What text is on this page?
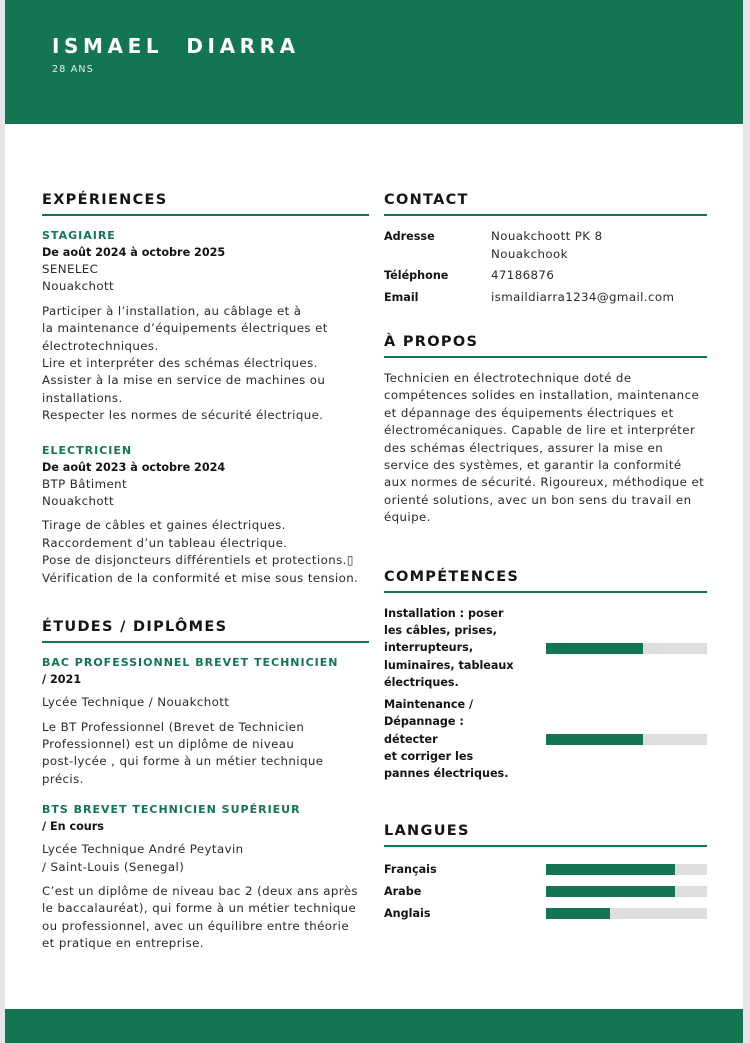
ISMAEL  DIARRA
28 ANS
EXPÉRIENCES
STAGIAIRE
De août 2024 à octobre 2025
SENELEC
Nouakchott
Participer à l’installation, au câblage et à
la maintenance d’équipements électriques et
électrotechniques.
Lire et interpréter des schémas électriques.
Assister à la mise en service de machines ou
installations.
Respecter les normes de sécurité électrique.
ELECTRICIEN
De août 2023 à octobre 2024
BTP Bâtiment
Nouakchott
Tirage de câbles et gaines électriques.
Raccordement d’un tableau électrique.
Pose de disjoncteurs différentiels et protections.▯
Vérification de la conformité et mise sous tension.
ÉTUDES / DIPLÔMES
BAC PROFESSIONNEL BREVET TECHNICIEN
/ 2021
Lycée Technique / Nouakchott
Le BT Professionnel (Brevet de Technicien
Professionnel) est un diplôme de niveau
post-lycée , qui forme à un métier technique
précis.
BTS BREVET TECHNICIEN SUPÉRIEUR
/ En cours
Lycée Technique André Peytavin
/ Saint-Louis (Senegal)
C’est un diplôme de niveau bac 2 (deux ans après
le baccalauréat), qui forme à un métier technique
ou professionnel, avec un équilibre entre théorie
et pratique en entreprise.
CONTACT
Adresse	Nouakchoott PK 8
Nouakchook
Téléphone	47186876
Email	ismaildiarra1234@gmail.com
À PROPOS
Technicien en électrotechnique doté de
compétences solides en installation, maintenance
et dépannage des équipements électriques et
électromécaniques. Capable de lire et interpréter
des schémas électriques, assurer la mise en
service des systèmes, et garantir la conformité
aux normes de sécurité. Rigoureux, méthodique et
orienté solutions, avec un bon sens du travail en
équipe.
COMPÉTENCES
Installation : poser
les câbles, prises,
interrupteurs,
luminaires, tableaux
électriques.
Maintenance /
Dépannage : détecter
et corriger les
pannes électriques.
LANGUES
Français
Arabe
Anglais
